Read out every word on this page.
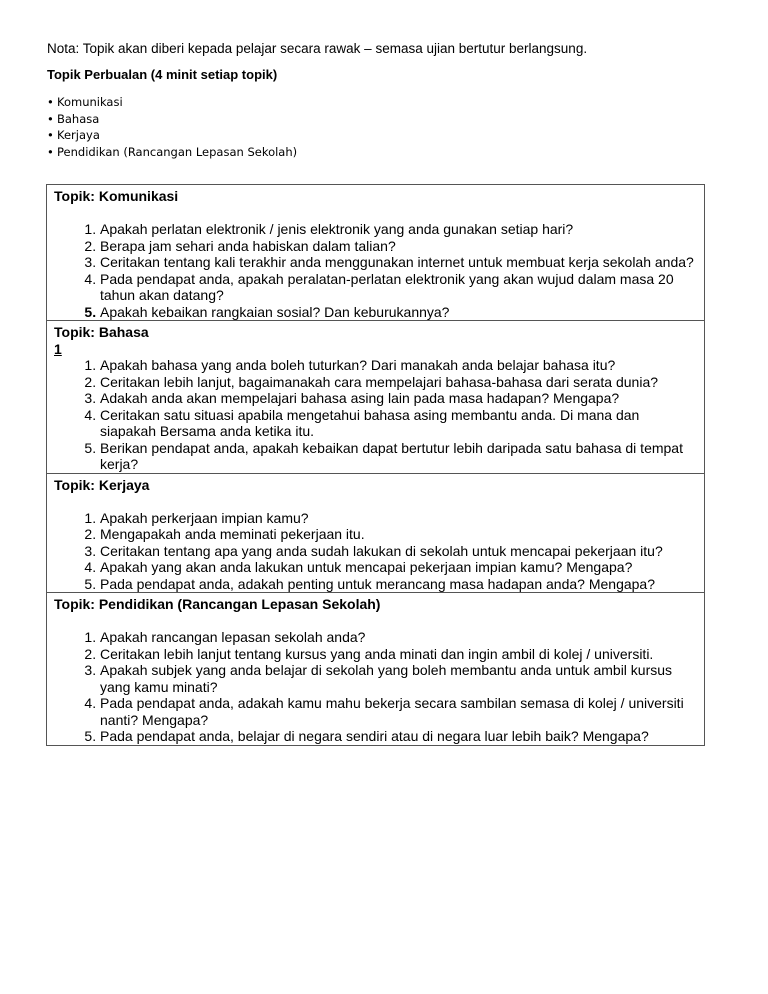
Nota: Topik akan diberi kepada pelajar secara rawak – semasa ujian bertutur berlangsung.

Topik Perbualan (4 minit setiap topik)

• Komunikasi
• Bahasa
• Kerjaya
• Pendidikan (Rancangan Lepasan Sekolah)

Topik: Komunikasi

1. Apakah perlatan elektronik / jenis elektronik yang anda gunakan setiap hari?
2. Berapa jam sehari anda habiskan dalam talian?
3. Ceritakan tentang kali terakhir anda menggunakan internet untuk membuat kerja sekolah anda?
4. Pada pendapat anda, apakah peralatan-perlatan elektronik yang akan wujud dalam masa 20 tahun akan datang?
5. Apakah kebaikan rangkaian sosial? Dan keburukannya?

Topik: Bahasa

1

1. Apakah bahasa yang anda boleh tuturkan? Dari manakah anda belajar bahasa itu?
2. Ceritakan lebih lanjut, bagaimanakah cara mempelajari bahasa-bahasa dari serata dunia?
3. Adakah anda akan mempelajari bahasa asing lain pada masa hadapan? Mengapa?
4. Ceritakan satu situasi apabila mengetahui bahasa asing membantu anda. Di mana dan siapakah Bersama anda ketika itu.
5. Berikan pendapat anda, apakah kebaikan dapat bertutur lebih daripada satu bahasa di tempat kerja?

Topik: Kerjaya

1. Apakah perkerjaan impian kamu?
2. Mengapakah anda meminati pekerjaan itu.
3. Ceritakan tentang apa yang anda sudah lakukan di sekolah untuk mencapai pekerjaan itu?
4. Apakah yang akan anda lakukan untuk mencapai pekerjaan impian kamu? Mengapa?
5. Pada pendapat anda, adakah penting untuk merancang masa hadapan anda? Mengapa?

Topik: Pendidikan (Rancangan Lepasan Sekolah)

1. Apakah rancangan lepasan sekolah anda?
2. Ceritakan lebih lanjut tentang kursus yang anda minati dan ingin ambil di kolej / universiti.
3. Apakah subjek yang anda belajar di sekolah yang boleh membantu anda untuk ambil kursus yang kamu minati?
4. Pada pendapat anda, adakah kamu mahu bekerja secara sambilan semasa di kolej / universiti nanti? Mengapa?
5. Pada pendapat anda, belajar di negara sendiri atau di negara luar lebih baik? Mengapa?
